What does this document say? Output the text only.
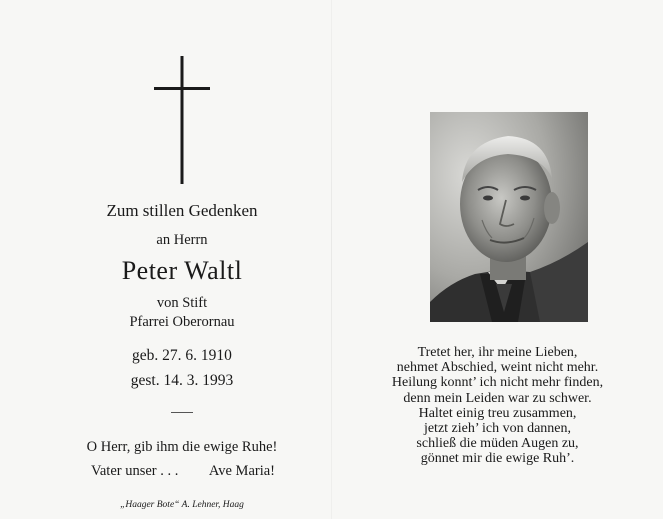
Zum stillen Gedenken
an Herrn
Peter Waltl
von Stift
Pfarrei Oberornau
geb. 27. 6. 1910
gest. 14. 3. 1993
O Herr, gib ihm die ewige Ruhe!
Vater unser . . . Ave Maria!
„Haager Bote“ A. Lehner, Haag
Tretet her, ihr meine Lieben,
nehmet Abschied, weint nicht mehr.
Heilung konnt’ ich nicht mehr finden,
denn mein Leiden war zu schwer.
Haltet einig treu zusammen,
jetzt zieh’ ich von dannen,
schließ die müden Augen zu,
gönnet mir die ewige Ruh’.
